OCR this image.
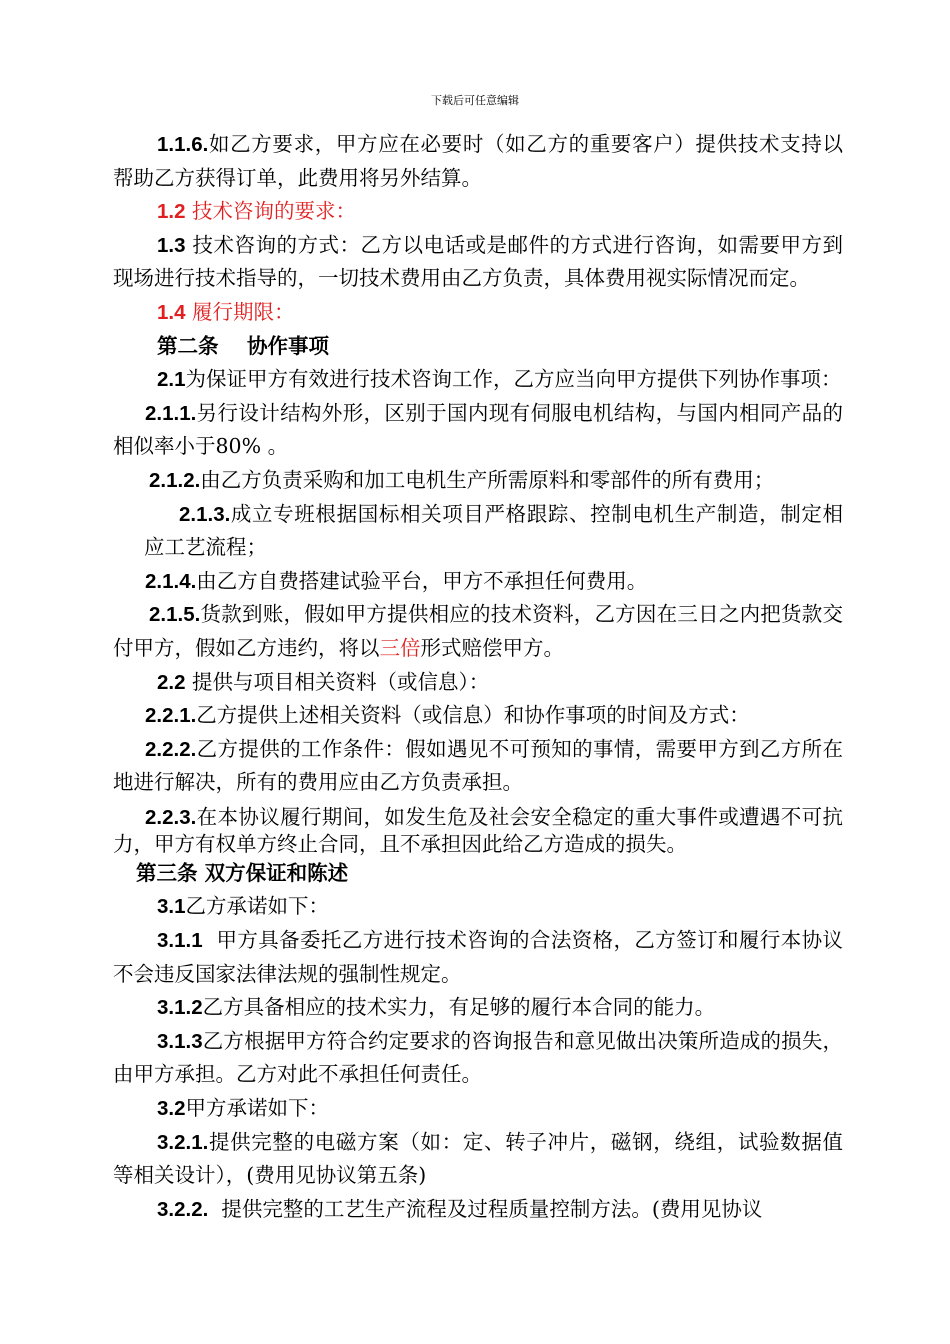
下载后可任意编辑

1.1.6.如乙方要求，甲方应在必要时（如乙方的重要客户）提供技术支持以帮助乙方获得订单，此费用将另外结算。

1.2 技术咨询的要求：

1.3 技术咨询的方式：乙方以电话或是邮件的方式进行咨询，如需要甲方到现场进行技术指导的，一切技术费用由乙方负责，具体费用视实际情况而定。

1.4 履行期限：

第二条    协作事项

2.1为保证甲方有效进行技术咨询工作，乙方应当向甲方提供下列协作事项：

2.1.1.另行设计结构外形，区别于国内现有伺服电机结构，与国内相同产品的相似率小于80% 。

2.1.2.由乙方负责采购和加工电机生产所需原料和零部件的所有费用；

2.1.3.成立专班根据国标相关项目严格跟踪、控制电机生产制造，制定相应工艺流程；

2.1.4.由乙方自费搭建试验平台，甲方不承担任何费用。

2.1.5.货款到账，假如甲方提供相应的技术资料，乙方因在三日之内把货款交付甲方，假如乙方违约，将以三倍形式赔偿甲方。

2.2 提供与项目相关资料（或信息）：

2.2.1.乙方提供上述相关资料（或信息）和协作事项的时间及方式：

2.2.2.乙方提供的工作条件：假如遇见不可预知的事情，需要甲方到乙方所在地进行解决，所有的费用应由乙方负责承担。

2.2.3.在本协议履行期间，如发生危及社会安全稳定的重大事件或遭遇不可抗力，甲方有权单方终止合同，且不承担因此给乙方造成的损失。

第三条 双方保证和陈述

3.1乙方承诺如下：

3.1.1  甲方具备委托乙方进行技术咨询的合法资格，乙方签订和履行本协议不会违反国家法律法规的强制性规定。

3.1.2乙方具备相应的技术实力，有足够的履行本合同的能力。

3.1.3乙方根据甲方符合约定要求的咨询报告和意见做出决策所造成的损失，由甲方承担。乙方对此不承担任何责任。

3.2甲方承诺如下：

3.2.1.提供完整的电磁方案（如：定、转子冲片，磁钢，绕组，试验数据值等相关设计），(费用见协议第五条)

3.2.2.  提供完整的工艺生产流程及过程质量控制方法。(费用见协议
